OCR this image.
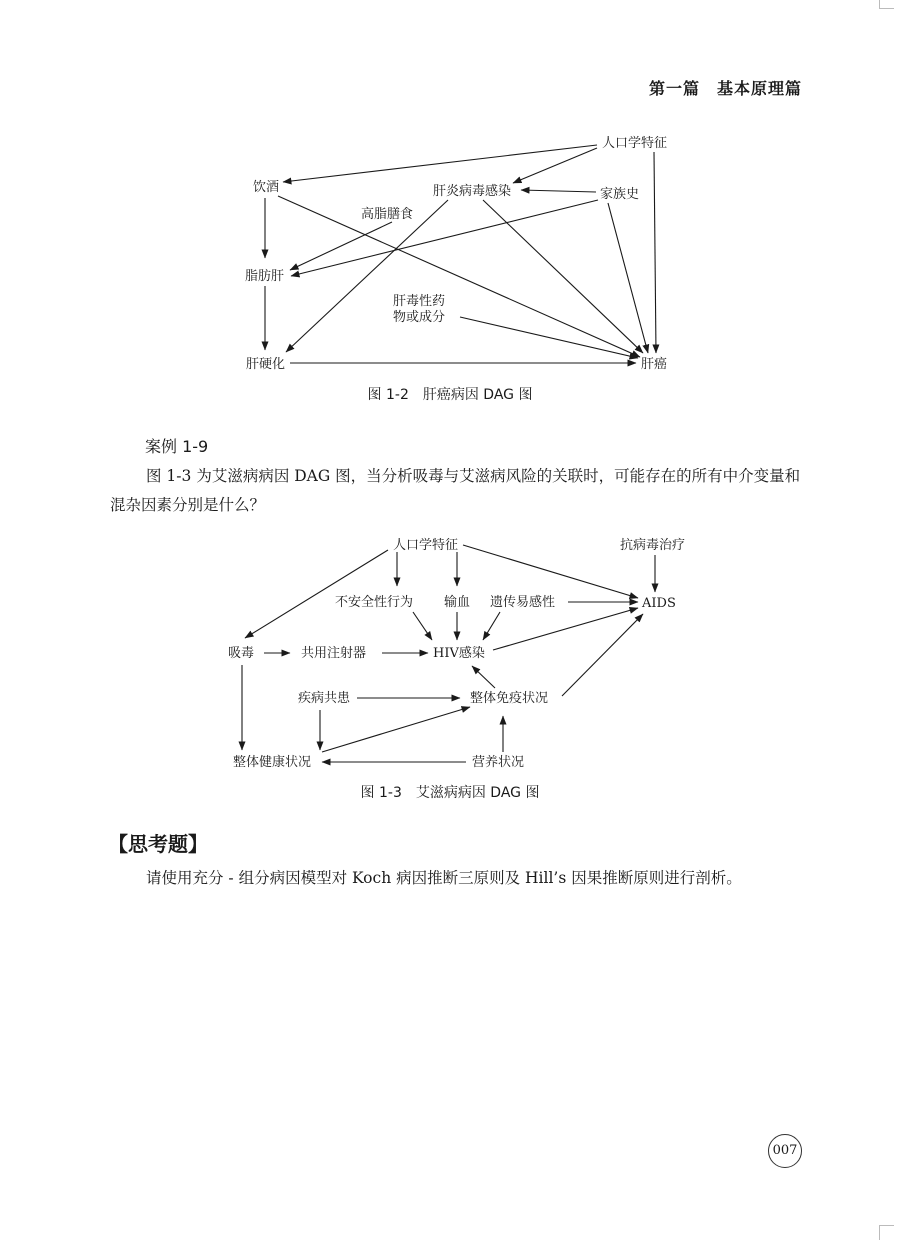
第一篇　基本原理篇
人口学特征
饮酒	肝炎病毒感染	家族史
高脂膳食
脂肪肝
肝毒性药
物或成分
肝硬化	肝癌
图 1-2　肝癌病因 DAG 图
案例 1-9
图 1-3 为艾滋病病因 DAG 图，当分析吸毒与艾滋病风险的关联时，可能存在的所有中介变量和混杂因素分别是什么？
人口学特征	抗病毒治疗
不安全性行为 输血 遗传易感性	AIDS
吸毒	共用注射器	HIV感染
疾病共患	整体免疫状况
整体健康状况	营养状况
图 1-3　艾滋病病因 DAG 图
【思考题】
请使用充分 - 组分病因模型对 Koch 病因推断三原则及 Hill’s 因果推断原则进行剖析。
007
